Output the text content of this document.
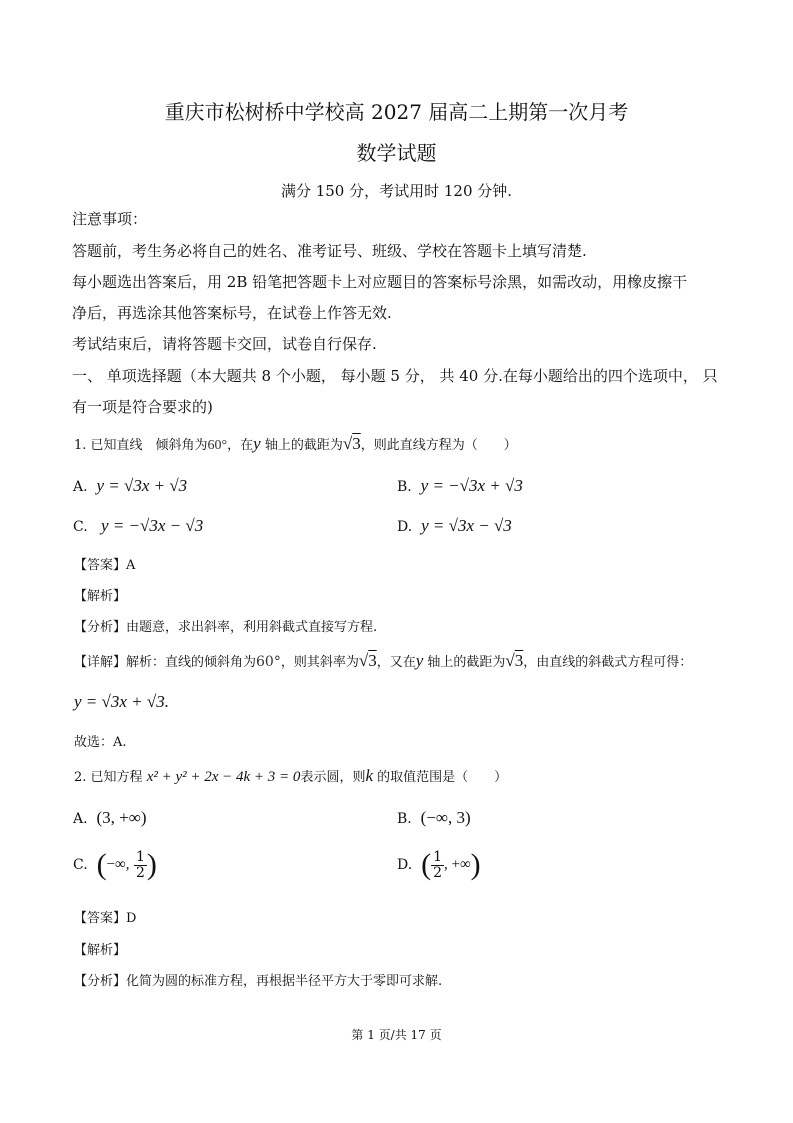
重庆市松树桥中学校高 2027 届高二上期第一次月考
数学试题
满分 150 分，考试用时 120 分钟.
注意事项：
答题前，考生务必将自己的姓名、准考证号、班级、学校在答题卡上填写清楚.
每小题选出答案后，用 2B 铅笔把答题卡上对应题目的答案标号涂黑，如需改动，用橡皮擦干
净后，再选涂其他答案标号，在试卷上作答无效.
考试结束后，请将答题卡交回，试卷自行保存.
一、 单项选择题（本大题共 8 个小题， 每小题 5 分， 共 40 分.在每小题给出的四个选项中， 只
有一项是符合要求的)
1. 已知直线　倾斜角为60°，在y 轴上的截距为√3，则此直线方程为（　　）
A. y = √3x + √3	B. y = −√3x + √3
C. y = −√3x − √3	D. y = √3x − √3
【答案】A
【解析】
【分析】由题意，求出斜率，利用斜截式直接写方程.
【详解】解析：直线的倾斜角为60°，则其斜率为√3，又在y 轴上的截距为√3，由直线的斜截式方程可得：
y = √3x + √3.
故选：A.
2. 已知方程 x² + y² + 2x − 4k + 3 = 0表示圆，则k 的取值范围是（　　）
A. (3, +∞)	B. (−∞, 3)
C. (−∞, $\frac{1}{2}$ )	D. ( $\frac{1}{2}$ , +∞)
【答案】D
【解析】
【分析】化简为圆的标准方程，再根据半径平方大于零即可求解.
第 1 页/共 17 页
